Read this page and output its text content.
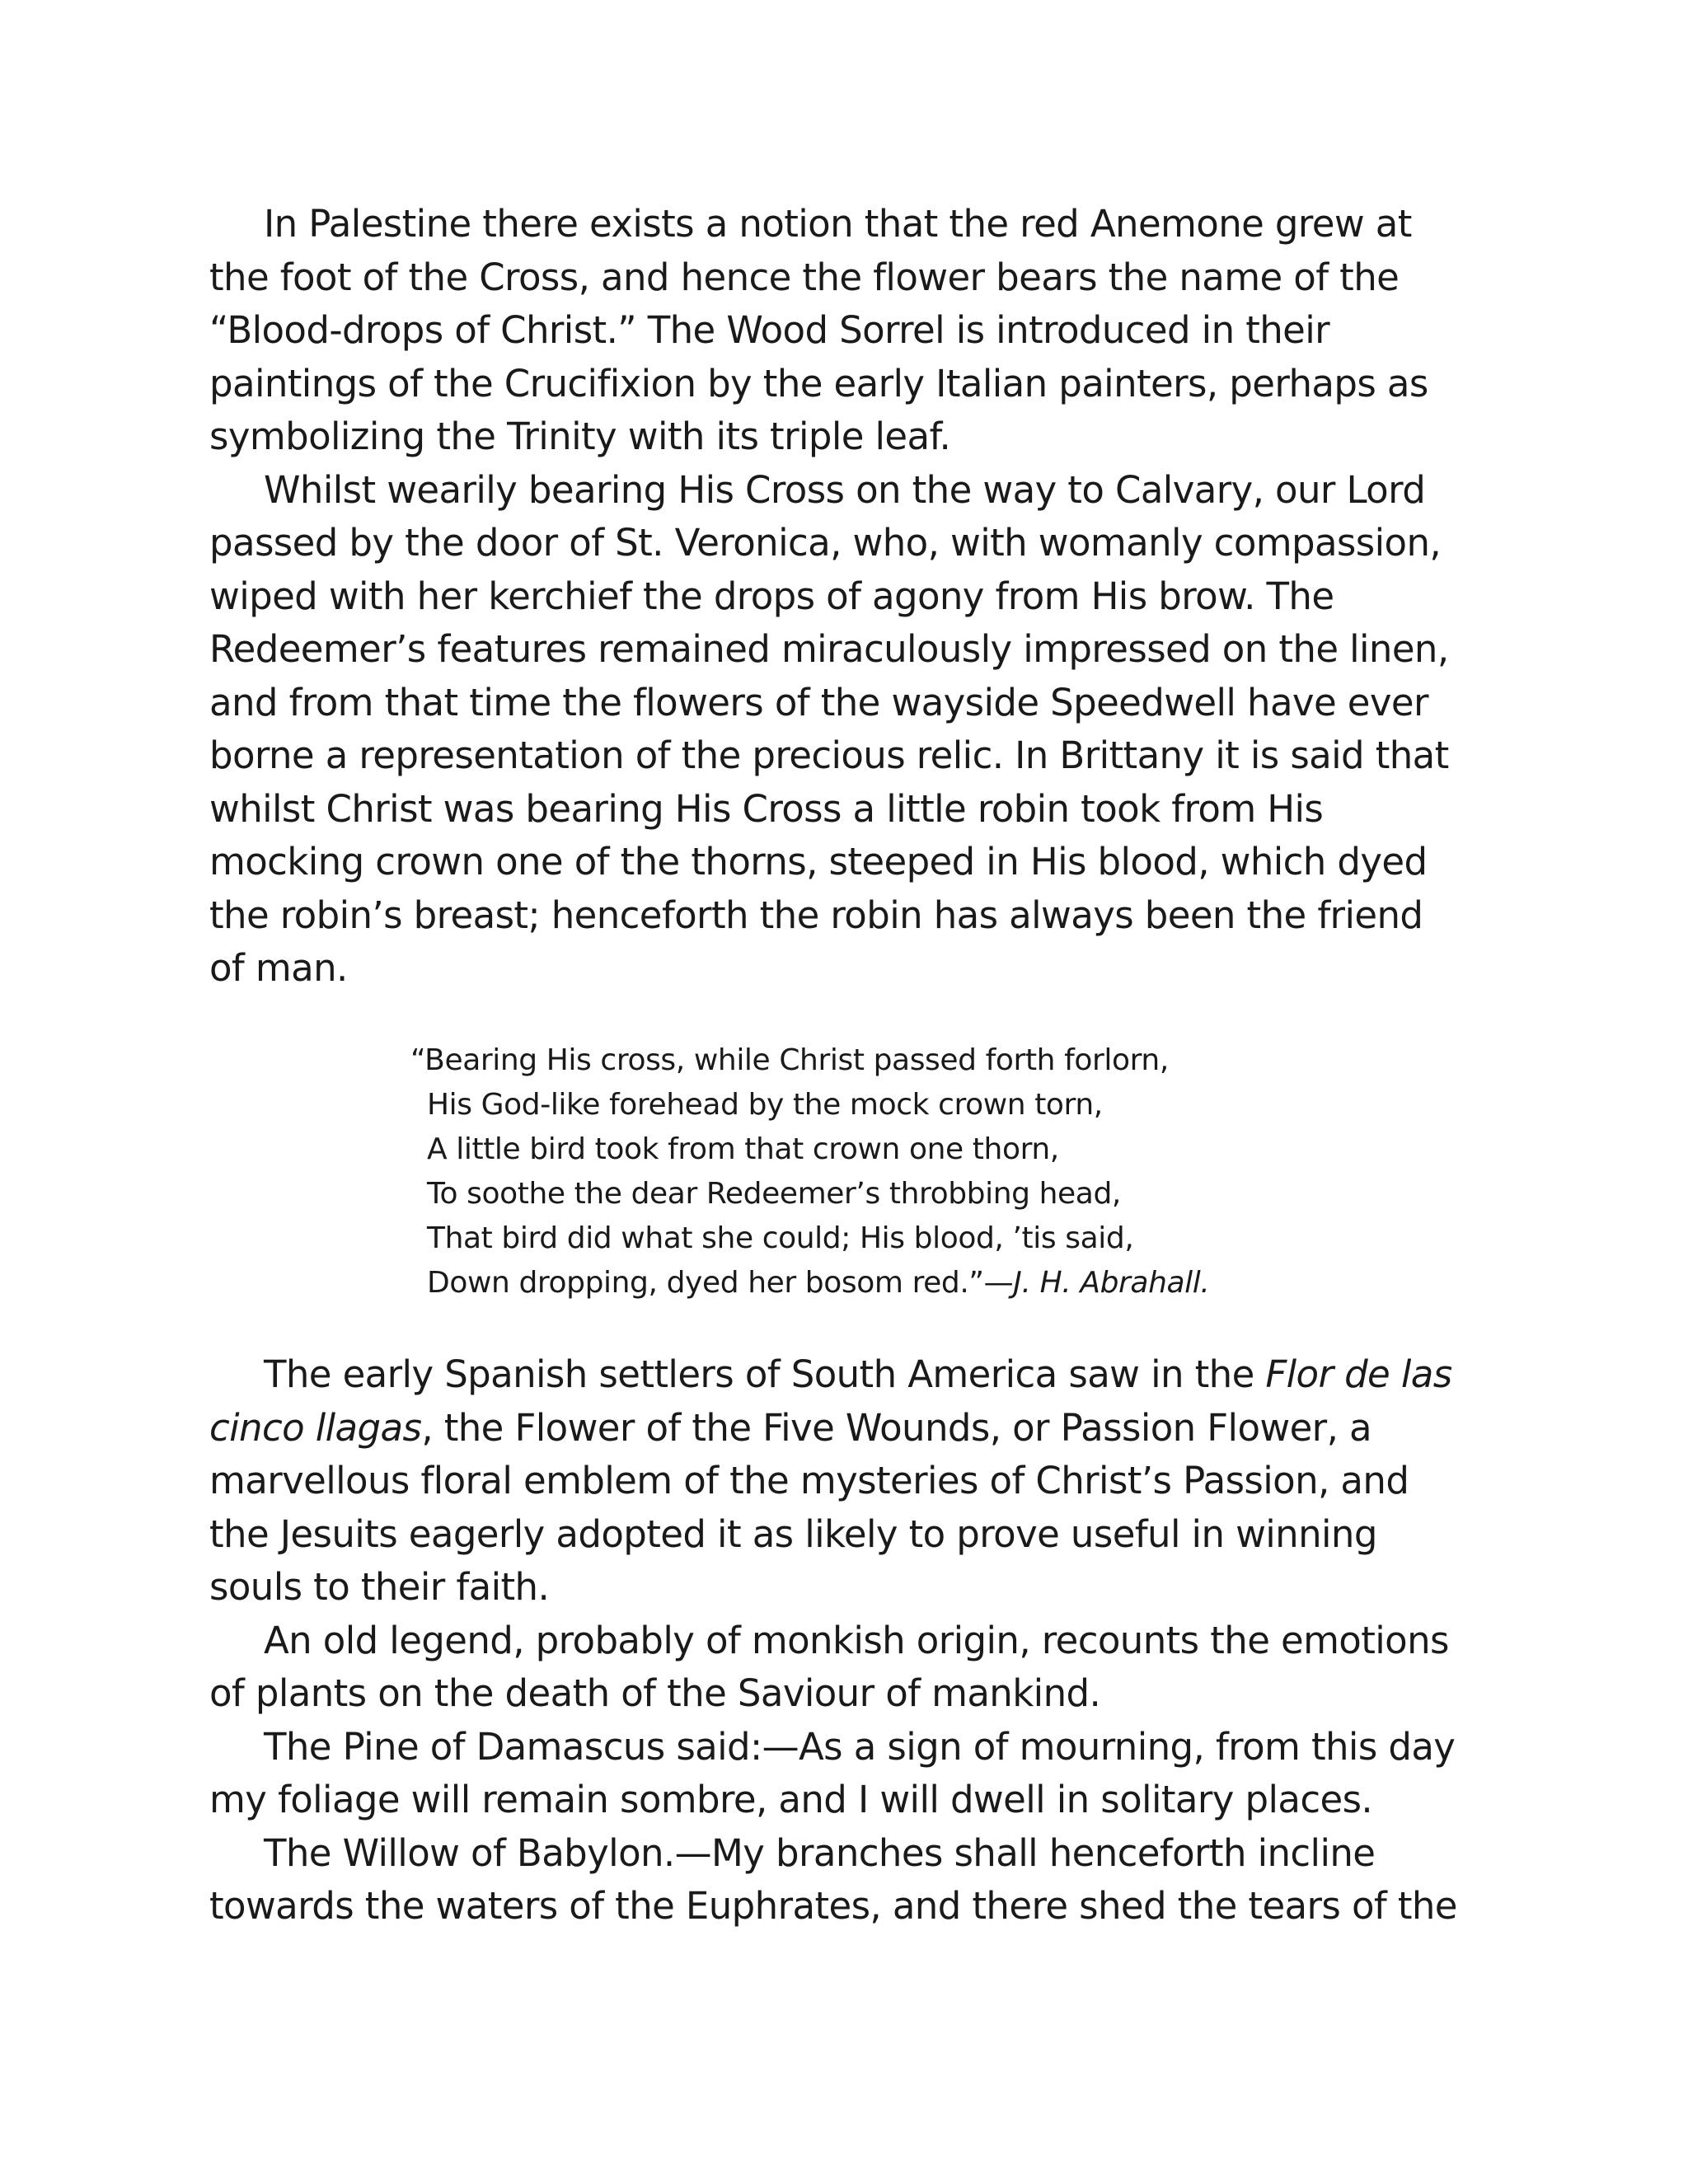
In Palestine there exists a notion that the red Anemone grew at
the foot of the Cross, and hence the flower bears the name of the
“Blood-drops of Christ.” The Wood Sorrel is introduced in their
paintings of the Crucifixion by the early Italian painters, perhaps as
symbolizing the Trinity with its triple leaf.
Whilst wearily bearing His Cross on the way to Calvary, our Lord
passed by the door of St. Veronica, who, with womanly compassion,
wiped with her kerchief the drops of agony from His brow. The
Redeemer’s features remained miraculously impressed on the linen,
and from that time the flowers of the wayside Speedwell have ever
borne a representation of the precious relic. In Brittany it is said that
whilst Christ was bearing His Cross a little robin took from His
mocking crown one of the thorns, steeped in His blood, which dyed
the robin’s breast; henceforth the robin has always been the friend
of man.
“Bearing His cross, while Christ passed forth forlorn,
His God-like forehead by the mock crown torn,
A little bird took from that crown one thorn,
To soothe the dear Redeemer’s throbbing head,
That bird did what she could; His blood, ’tis said,
Down dropping, dyed her bosom red.”—J. H. Abrahall.
The early Spanish settlers of South America saw in the Flor de las
cinco llagas, the Flower of the Five Wounds, or Passion Flower, a
marvellous floral emblem of the mysteries of Christ’s Passion, and
the Jesuits eagerly adopted it as likely to prove useful in winning
souls to their faith.
An old legend, probably of monkish origin, recounts the emotions
of plants on the death of the Saviour of mankind.
The Pine of Damascus said:—As a sign of mourning, from this day
my foliage will remain sombre, and I will dwell in solitary places.
The Willow of Babylon.—My branches shall henceforth incline
towards the waters of the Euphrates, and there shed the tears of the
